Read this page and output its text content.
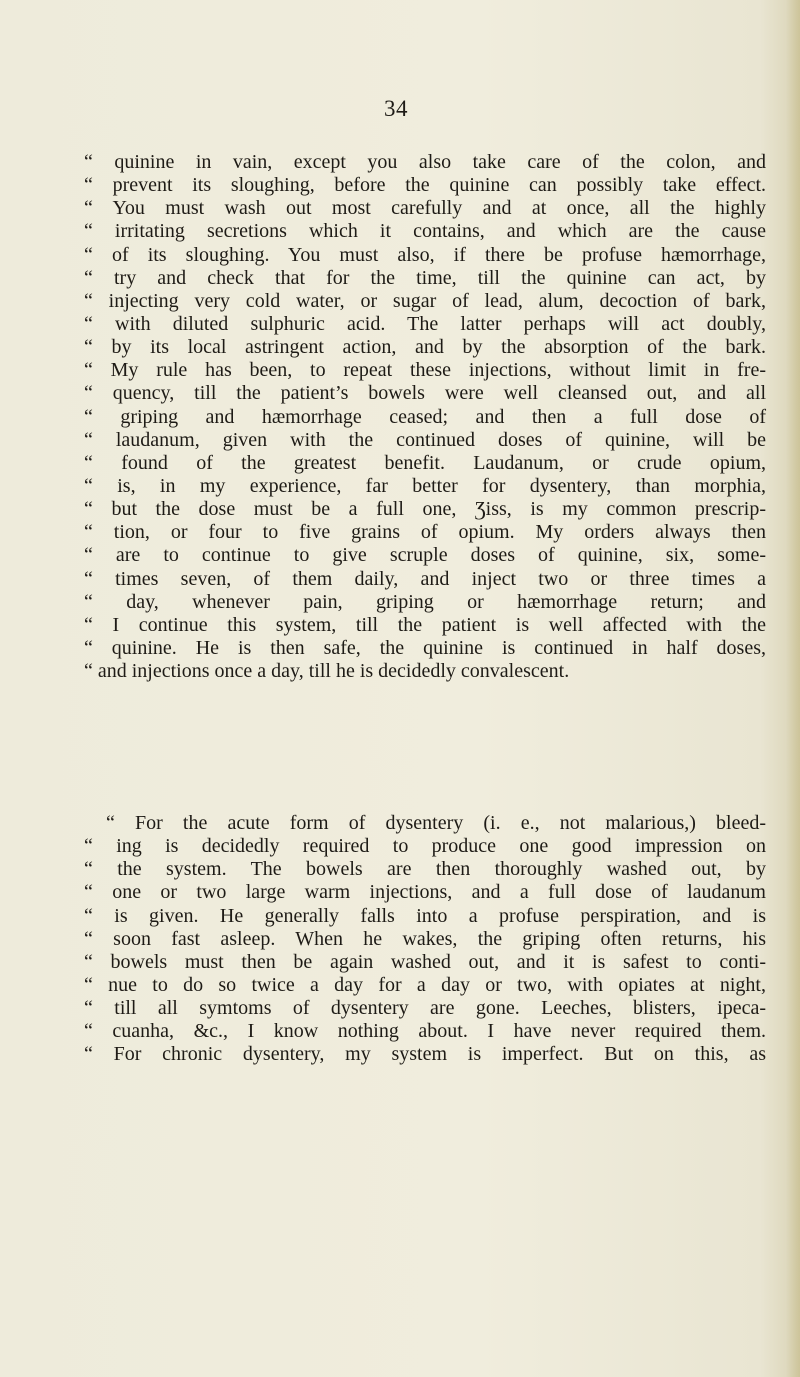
34
“ quinine in vain, except you also take care of the colon, and
“ prevent its sloughing, before the quinine can possibly take effect.
“ You must wash out most carefully and at once, all the highly
“ irritating secretions which it contains, and which are the cause
“ of its sloughing. You must also, if there be profuse hæmorrhage,
“ try and check that for the time, till the quinine can act, by
“ injecting very cold water, or sugar of lead, alum, decoction of bark,
“ with diluted sulphuric acid. The latter perhaps will act doubly,
“ by its local astringent action, and by the absorption of the bark.
“ My rule has been, to repeat these injections, without limit in fre-
“ quency, till the patient’s bowels were well cleansed out, and all
“ griping and hæmorrhage ceased; and then a full dose of
“ laudanum, given with the continued doses of quinine, will be
“ found of the greatest benefit. Laudanum, or crude opium,
“ is, in my experience, far better for dysentery, than morphia,
“ but the dose must be a full one, Ʒiss, is my common prescrip-
“ tion, or four to five grains of opium. My orders always then
“ are to continue to give scruple doses of quinine, six, some-
“ times seven, of them daily, and inject two or three times a
“ day, whenever pain, griping or hæmorrhage return; and
“ I continue this system, till the patient is well affected with the
“ quinine. He is then safe, the quinine is continued in half doses,
“ and injections once a day, till he is decidedly convalescent.
“ For the acute form of dysentery (i. e., not malarious,) bleed-
“ ing is decidedly required to produce one good impression on
“ the system. The bowels are then thoroughly washed out, by
“ one or two large warm injections, and a full dose of laudanum
“ is given. He generally falls into a profuse perspiration, and is
“ soon fast asleep. When he wakes, the griping often returns, his
“ bowels must then be again washed out, and it is safest to conti-
“ nue to do so twice a day for a day or two, with opiates at night,
“ till all symtoms of dysentery are gone. Leeches, blisters, ipeca-
“ cuanha, &c., I know nothing about. I have never required them.
“ For chronic dysentery, my system is imperfect. But on this, as
